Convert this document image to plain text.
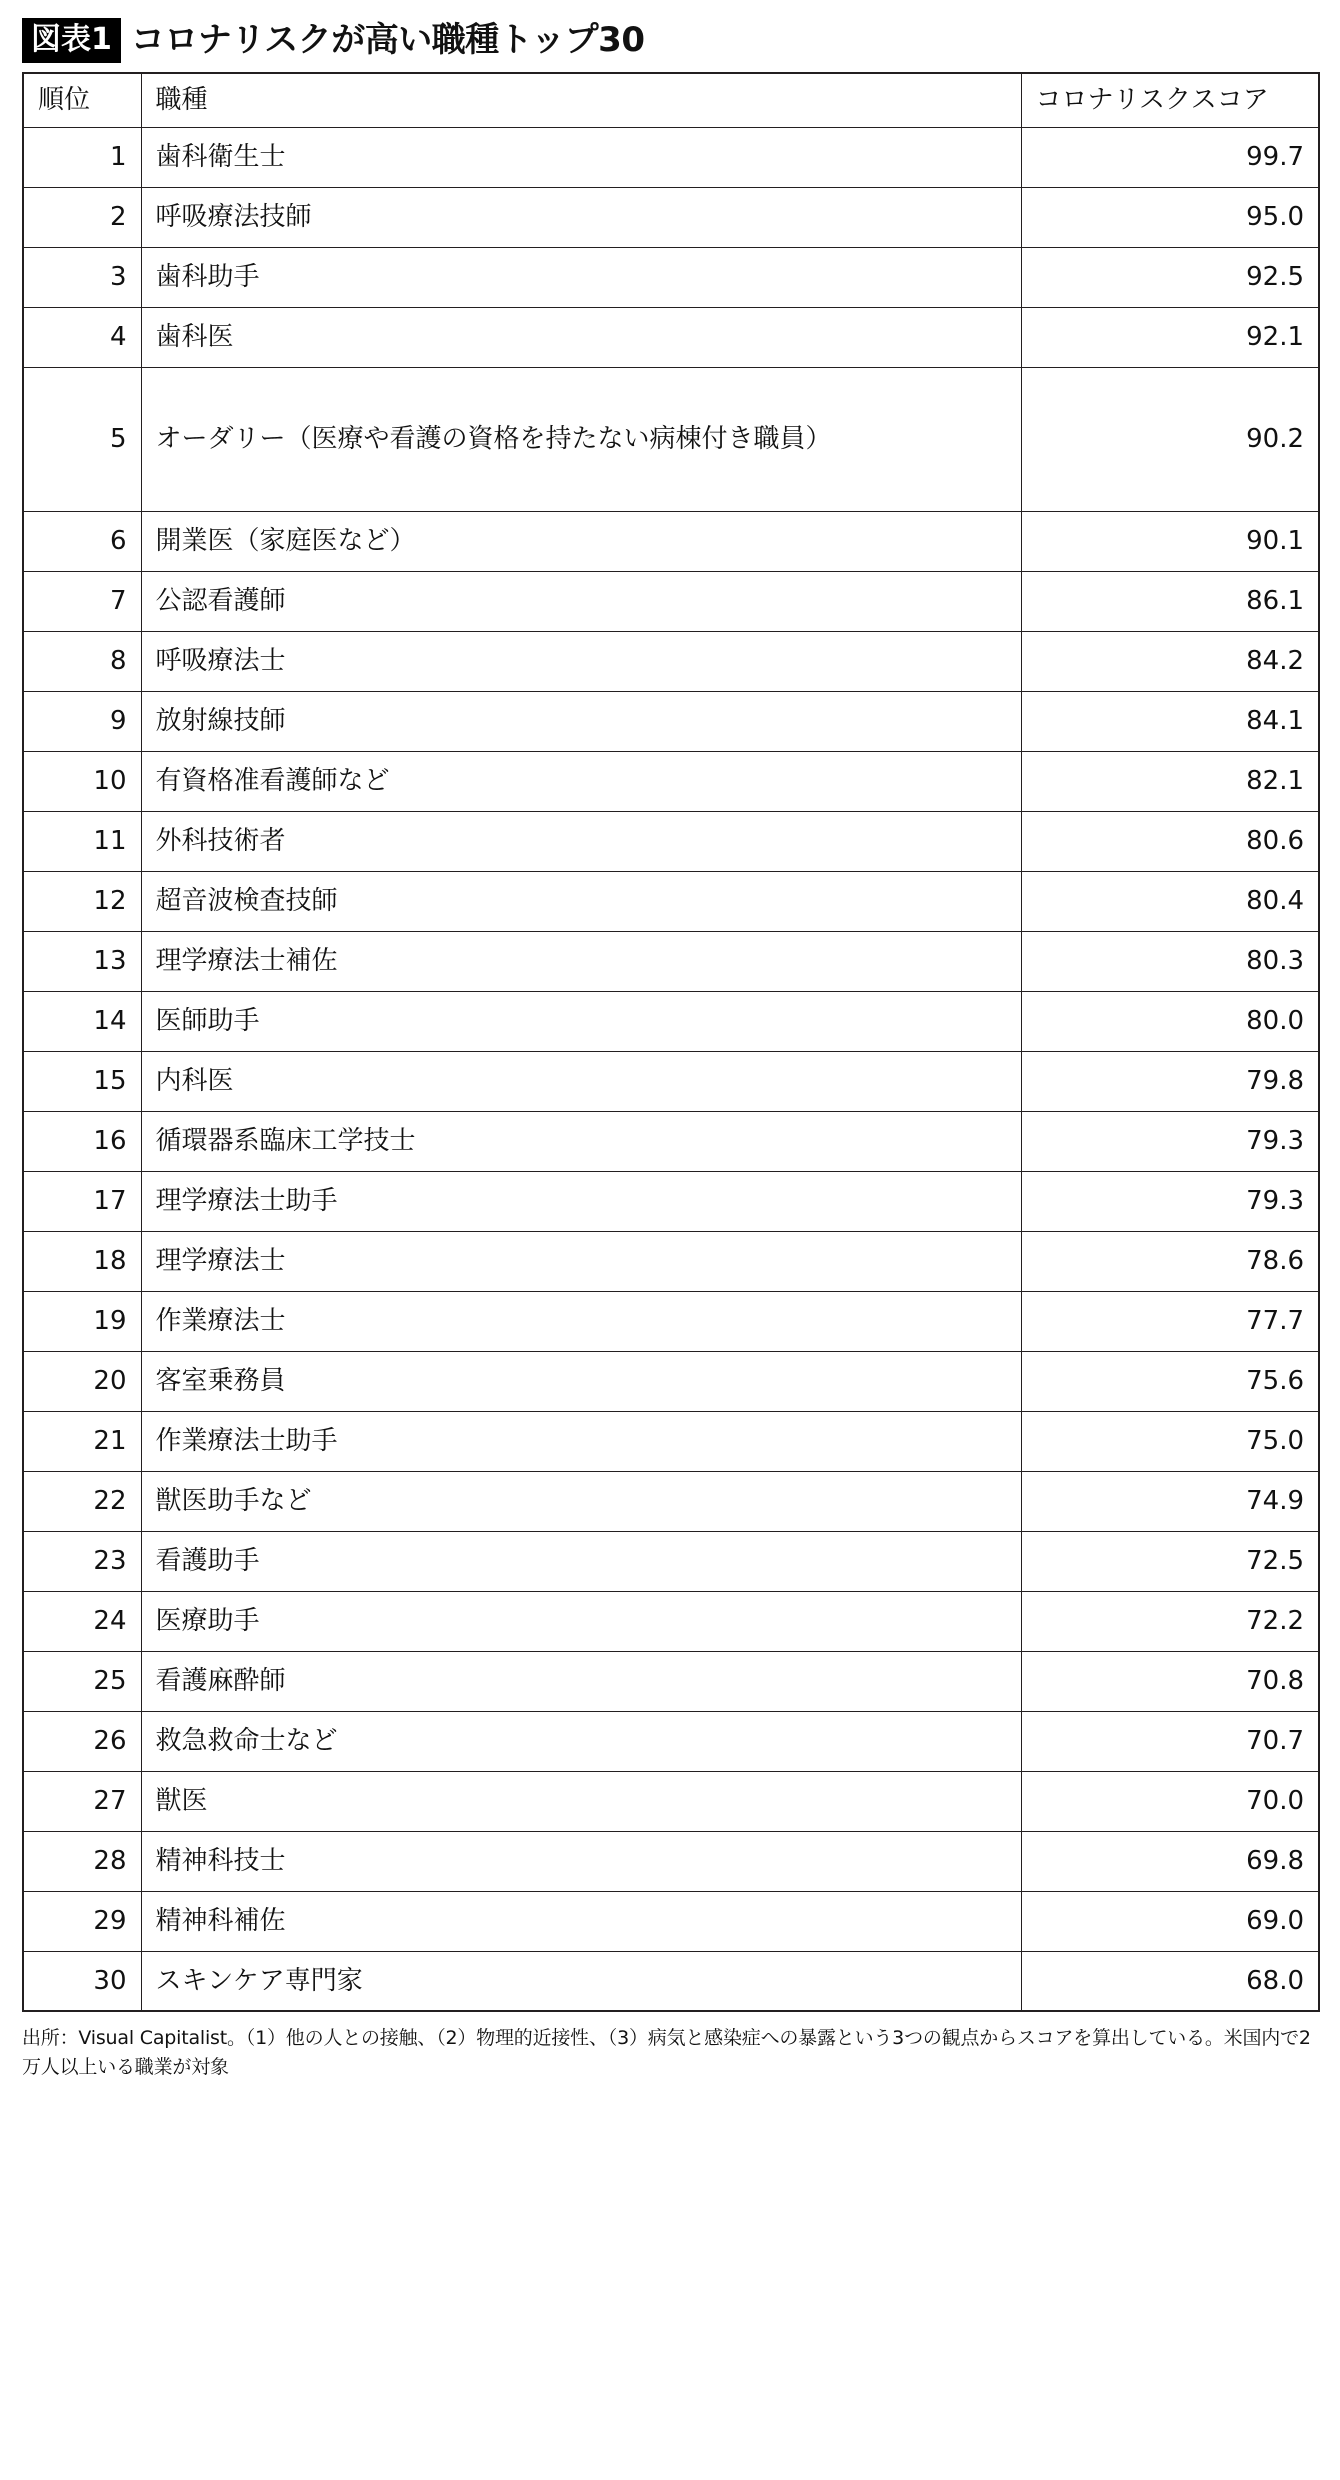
図表1 コロナリスクが高い職種トップ30
順位	職種	コロナリスクスコア
1	歯科衛生士	99.7
2	呼吸療法技師	95.0
3	歯科助手	92.5
4	歯科医	92.1
5	オーダリー（医療や看護の資格を持たない病棟付き職員）	90.2
6	開業医（家庭医など）	90.1
7	公認看護師	86.1
8	呼吸療法士	84.2
9	放射線技師	84.1
10	有資格准看護師など	82.1
11	外科技術者	80.6
12	超音波検査技師	80.4
13	理学療法士補佐	80.3
14	医師助手	80.0
15	内科医	79.8
16	循環器系臨床工学技士	79.3
17	理学療法士助手	79.3
18	理学療法士	78.6
19	作業療法士	77.7
20	客室乗務員	75.6
21	作業療法士助手	75.0
22	獣医助手など	74.9
23	看護助手	72.5
24	医療助手	72.2
25	看護麻酔師	70.8
26	救急救命士など	70.7
27	獣医	70.0
28	精神科技士	69.8
29	精神科補佐	69.0
30	スキンケア専門家	68.0
出所：Visual Capitalist。（1）他の人との接触、（2）物理的近接性、（3）病気と感染症への暴露という3つの観点からスコアを算出している。米国内で2万人以上いる職業が対象
